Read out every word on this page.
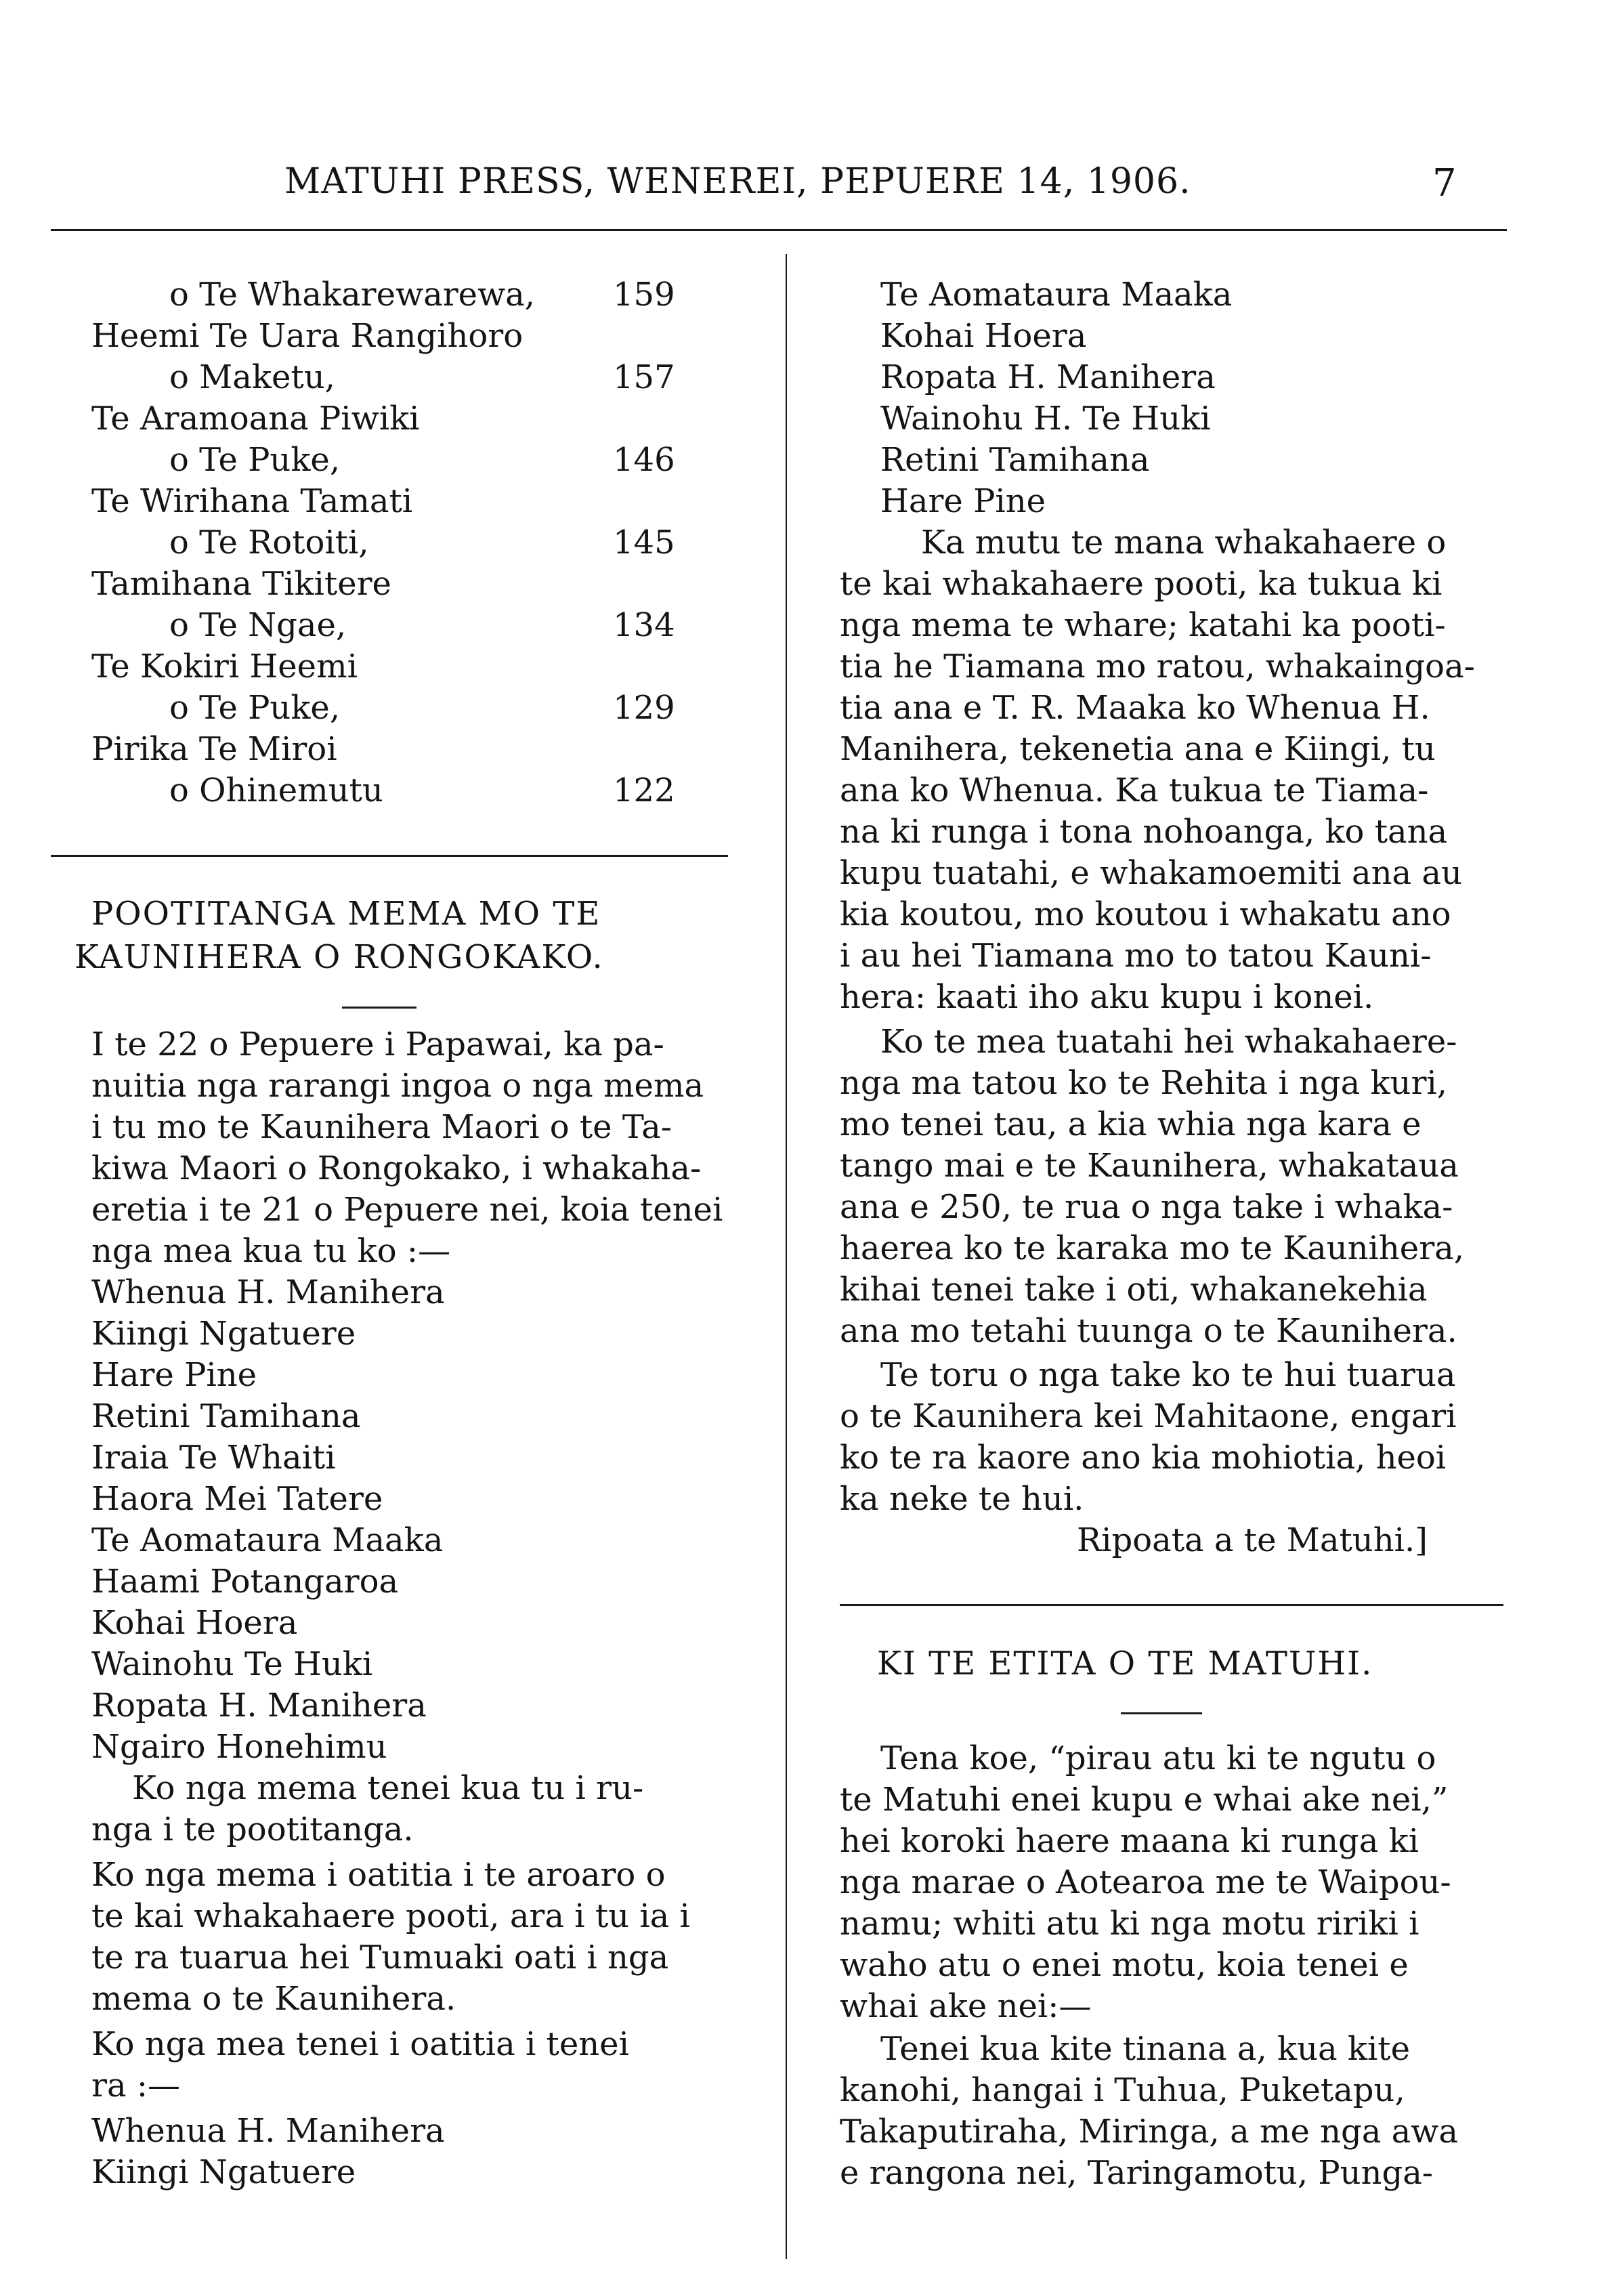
MATUHI PRESS, WENEREI, PEPUERE 14, 1906.	7
o Te Whakarewarewa, 159
Heemi Te Uara Rangihoro
o Maketu,	157
Te Aramoana Piwiki
o Te Puke,	146
Te Wirihana Tamati
o Te Rotoiti,	145
Tamihana Tikitere
o Te Ngae,	134
Te Kokiri Heemi
o Te Puke,	129
Pirika Te Miroi
o Ohinemutu	122
POOTITANGA MEMA MO TE
KAUNIHERA O RONGOKAKO.
I te 22 o Pepuere i Papawai, ka pa-
nuitia nga rarangi ingoa o nga mema
i tu mo te Kaunihera Maori o te Ta-
kiwa Maori o Rongokako, i whakaha-
eretia i te 21 o Pepuere nei, koia tenei
nga mea kua tu ko :—
Whenua H. Manihera
Kiingi Ngatuere
Hare Pine
Retini Tamihana
Iraia Te Whaiti
Haora Mei Tatere
Te Aomataura Maaka
Haami Potangaroa
Kohai Hoera
Wainohu Te Huki
Ropata H. Manihera
Ngairo Honehimu
Ko nga mema tenei kua tu i ru-
nga i te pootitanga.
Ko nga mema i oatitia i te aroaro o
te kai whakahaere pooti, ara i tu ia i
te ra tuarua hei Tumuaki oati i nga
mema o te Kaunihera.
Ko nga mea tenei i oatitia i tenei
ra :—
Whenua H. Manihera
Kiingi Ngatuere
Te Aomataura Maaka
Kohai Hoera
Ropata H. Manihera
Wainohu H. Te Huki
Retini Tamihana
Hare Pine
Ka mutu te mana whakahaere o
te kai whakahaere pooti, ka tukua ki
nga mema te whare; katahi ka pooti-
tia he Tiamana mo ratou, whakaingoa-
tia ana e T. R. Maaka ko Whenua H.
Manihera, tekenetia ana e Kiingi, tu
ana ko Whenua. Ka tukua te Tiama-
na ki runga i tona nohoanga, ko tana
kupu tuatahi, e whakamoemiti ana au
kia koutou, mo koutou i whakatu ano
i au hei Tiamana mo to tatou Kauni-
hera: kaati iho aku kupu i konei.
Ko te mea tuatahi hei whakahaere-
nga ma tatou ko te Rehita i nga kuri,
mo tenei tau, a kia whia nga kara e
tango mai e te Kaunihera, whakataua
ana e 250, te rua o nga take i whaka-
haerea ko te karaka mo te Kaunihera,
kihai tenei take i oti, whakanekehia
ana mo tetahi tuunga o te Kaunihera.
Te toru o nga take ko te hui tuarua
o te Kaunihera kei Mahitaone, engari
ko te ra kaore ano kia mohiotia, heoi
ka neke te hui.
Ripoata a te Matuhi.]
KI TE ETITA O TE MATUHI.
Tena koe, “pirau atu ki te ngutu o
te Matuhi enei kupu e whai ake nei,”
hei koroki haere maana ki runga ki
nga marae o Aotearoa me te Waipou-
namu; whiti atu ki nga motu ririki i
waho atu o enei motu, koia tenei e
whai ake nei:—
Tenei kua kite tinana a, kua kite
kanohi, hangai i Tuhua, Puketapu,
Takaputiraha, Miringa, a me nga awa
e rangona nei, Taringamotu, Punga-
